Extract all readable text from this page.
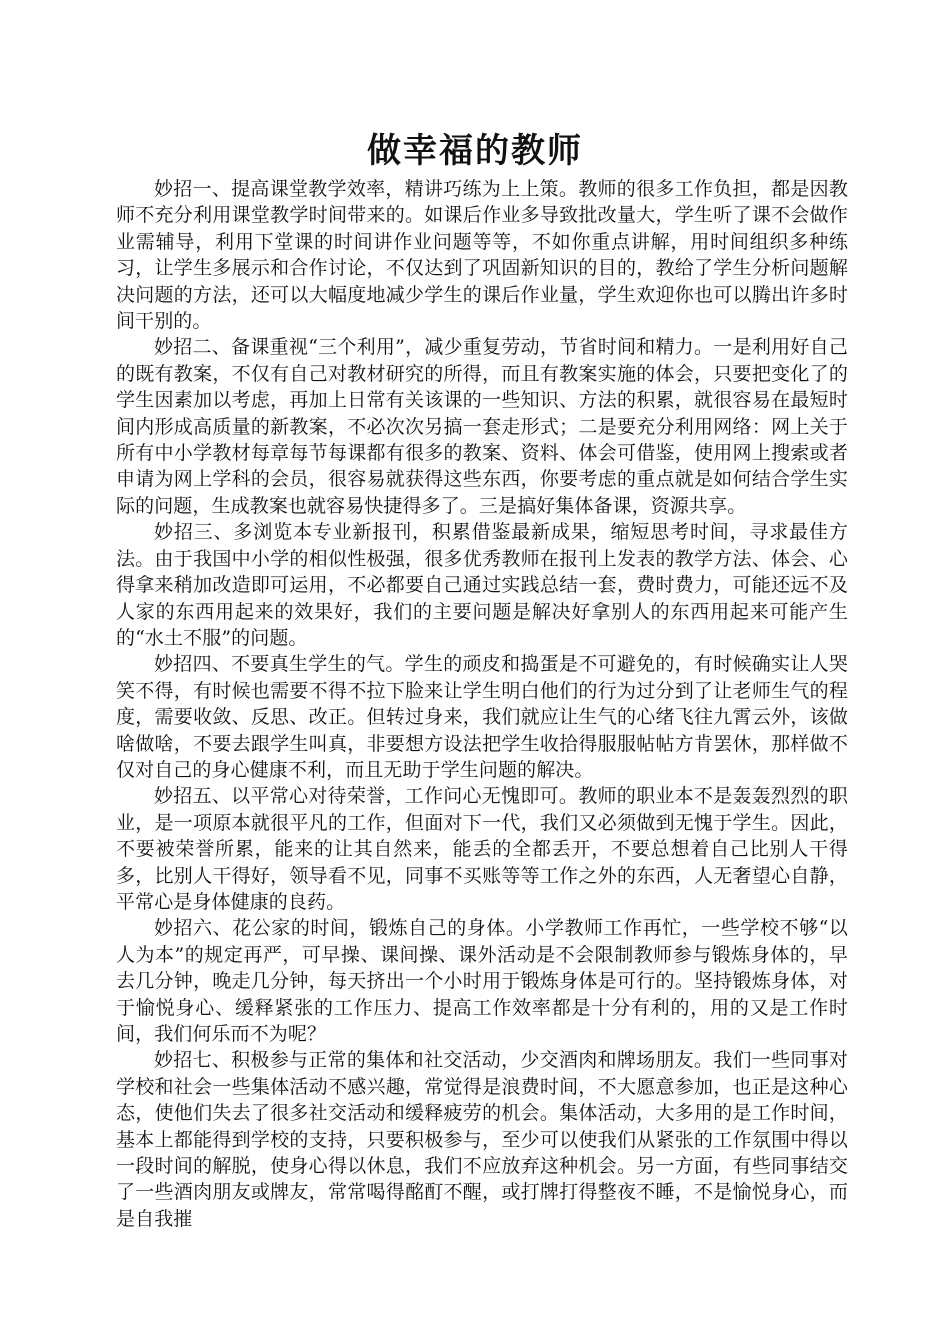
做幸福的教师

妙招一、提高课堂教学效率，精讲巧练为上上策。教师的很多工作负担，都是因教师不充分利用课堂教学时间带来的。如课后作业多导致批改量大，学生听了课不会做作业需辅导，利用下堂课的时间讲作业问题等等，不如你重点讲解，用时间组织多种练习，让学生多展示和合作讨论，不仅达到了巩固新知识的目的，教给了学生分析问题解决问题的方法，还可以大幅度地减少学生的课后作业量，学生欢迎你也可以腾出许多时间干别的。

妙招二、备课重视“三个利用”，减少重复劳动，节省时间和精力。一是利用好自己的既有教案，不仅有自己对教材研究的所得，而且有教案实施的体会，只要把变化了的学生因素加以考虑，再加上日常有关该课的一些知识、方法的积累，就很容易在最短时间内形成高质量的新教案，不必次次另搞一套走形式；二是要充分利用网络：网上关于所有中小学教材每章每节每课都有很多的教案、资料、体会可借鉴，使用网上搜索或者申请为网上学科的会员，很容易就获得这些东西，你要考虑的重点就是如何结合学生实际的问题，生成教案也就容易快捷得多了。三是搞好集体备课，资源共享。

妙招三、多浏览本专业新报刊，积累借鉴最新成果，缩短思考时间，寻求最佳方法。由于我国中小学的相似性极强，很多优秀教师在报刊上发表的教学方法、体会、心得拿来稍加改造即可运用，不必都要自己通过实践总结一套，费时费力，可能还远不及人家的东西用起来的效果好，我们的主要问题是解决好拿别人的东西用起来可能产生的“水土不服”的问题。

妙招四、不要真生学生的气。学生的顽皮和捣蛋是不可避免的，有时候确实让人哭笑不得，有时候也需要不得不拉下脸来让学生明白他们的行为过分到了让老师生气的程度，需要收敛、反思、改正。但转过身来，我们就应让生气的心绪飞往九霄云外，该做啥做啥，不要去跟学生叫真，非要想方设法把学生收拾得服服帖帖方肯罢休，那样做不仅对自己的身心健康不利，而且无助于学生问题的解决。

妙招五、以平常心对待荣誉，工作问心无愧即可。教师的职业本不是轰轰烈烈的职业，是一项原本就很平凡的工作，但面对下一代，我们又必须做到无愧于学生。因此，不要被荣誉所累，能来的让其自然来，能丢的全都丢开，不要总想着自己比别人干得多，比别人干得好，领导看不见，同事不买账等等工作之外的东西，人无奢望心自静，平常心是身体健康的良药。

妙招六、花公家的时间，锻炼自己的身体。小学教师工作再忙，一些学校不够“以人为本”的规定再严，可早操、课间操、课外活动是不会限制教师参与锻炼身体的，早去几分钟，晚走几分钟，每天挤出一个小时用于锻炼身体是可行的。坚持锻炼身体，对于愉悦身心、缓释紧张的工作压力、提高工作效率都是十分有利的，用的又是工作时间，我们何乐而不为呢？

妙招七、积极参与正常的集体和社交活动，少交酒肉和牌场朋友。我们一些同事对学校和社会一些集体活动不感兴趣，常觉得是浪费时间，不大愿意参加，也正是这种心态，使他们失去了很多社交活动和缓释疲劳的机会。集体活动，大多用的是工作时间，基本上都能得到学校的支持，只要积极参与，至少可以使我们从紧张的工作氛围中得以一段时间的解脱，使身心得以休息，我们不应放弃这种机会。另一方面，有些同事结交了一些酒肉朋友或牌友，常常喝得酩酊不醒，或打牌打得整夜不睡，不是愉悦身心，而是自我摧
